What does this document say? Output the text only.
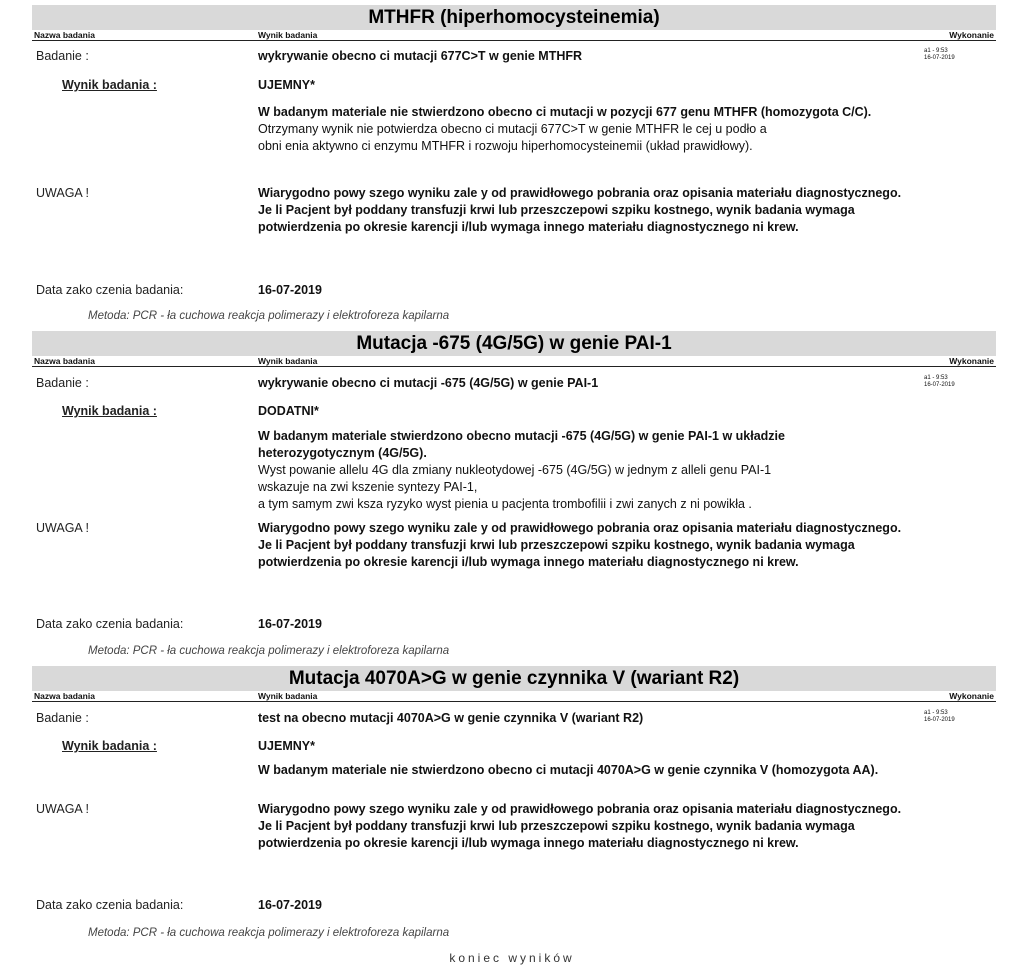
MTHFR (hiperhomocysteinemia)
Nazwa badania	Wynik badania	Wykonanie
Badanie :	wykrywanie obecno ci mutacji 677C>T w genie MTHFR	a1 - 9:53
16-07-2019
Wynik badania :	UJEMNY*

W badanym materiale nie stwierdzono obecno ci mutacji w pozycji 677 genu MTHFR (homozygota C/C).

Otrzymany wynik nie potwierdza obecno ci mutacji 677C>T w genie MTHFR le cej u podło a

obni enia aktywno ci enzymu MTHFR i rozwoju hiperhomocysteinemii (układ prawidłowy).

UWAGA !	Wiarygodno powy szego wyniku zale y od prawidłowego pobrania oraz opisania materiału diagnostycznego.

Je li Pacjent był poddany transfuzji krwi lub przeszczepowi szpiku kostnego, wynik badania wymaga potwierdzenia po okresie karencji i/lub wymaga innego materiału diagnostycznego ni krew.

Data zako czenia badania:	16-07-2019
Metoda: PCR - ła cuchowa reakcja polimerazy i elektroforeza kapilarna
Mutacja -675 (4G/5G) w genie PAI-1
Nazwa badania	Wynik badania	Wykonanie
Badanie :	wykrywanie obecno ci mutacji -675 (4G/5G) w genie PAI-1	a1 - 9:53
16-07-2019
Wynik badania :	DODATNI*

W badanym materiale stwierdzono obecno mutacji -675 (4G/5G) w genie PAI-1 w układzie heterozygotycznym (4G/5G).

Wyst powanie allelu 4G dla zmiany nukleotydowej -675 (4G/5G) w jednym z alleli genu PAI-1

wskazuje na zwi kszenie syntezy PAI-1,

a tym samym zwi ksza ryzyko wyst pienia u pacjenta trombofilii i zwi zanych z ni powikła .

UWAGA !	Wiarygodno powy szego wyniku zale y od prawidłowego pobrania oraz opisania materiału diagnostycznego.

Je li Pacjent był poddany transfuzji krwi lub przeszczepowi szpiku kostnego, wynik badania wymaga potwierdzenia po okresie karencji i/lub wymaga innego materiału diagnostycznego ni krew.

Data zako czenia badania:	16-07-2019
Metoda: PCR - ła cuchowa reakcja polimerazy i elektroforeza kapilarna
Mutacja 4070A>G w genie czynnika V (wariant R2)
Nazwa badania	Wynik badania	Wykonanie
Badanie :	test na obecno mutacji 4070A>G w genie czynnika V (wariant R2)	a1 - 9:53
16-07-2019
Wynik badania :	UJEMNY*

W badanym materiale nie stwierdzono obecno ci mutacji 4070A>G w genie czynnika V (homozygota AA).

UWAGA !	Wiarygodno powy szego wyniku zale y od prawidłowego pobrania oraz opisania materiału diagnostycznego.

Je li Pacjent był poddany transfuzji krwi lub przeszczepowi szpiku kostnego, wynik badania wymaga potwierdzenia po okresie karencji i/lub wymaga innego materiału diagnostycznego ni krew.

Data zako czenia badania:	16-07-2019
Metoda: PCR - ła cuchowa reakcja polimerazy i elektroforeza kapilarna
koniec wyników
